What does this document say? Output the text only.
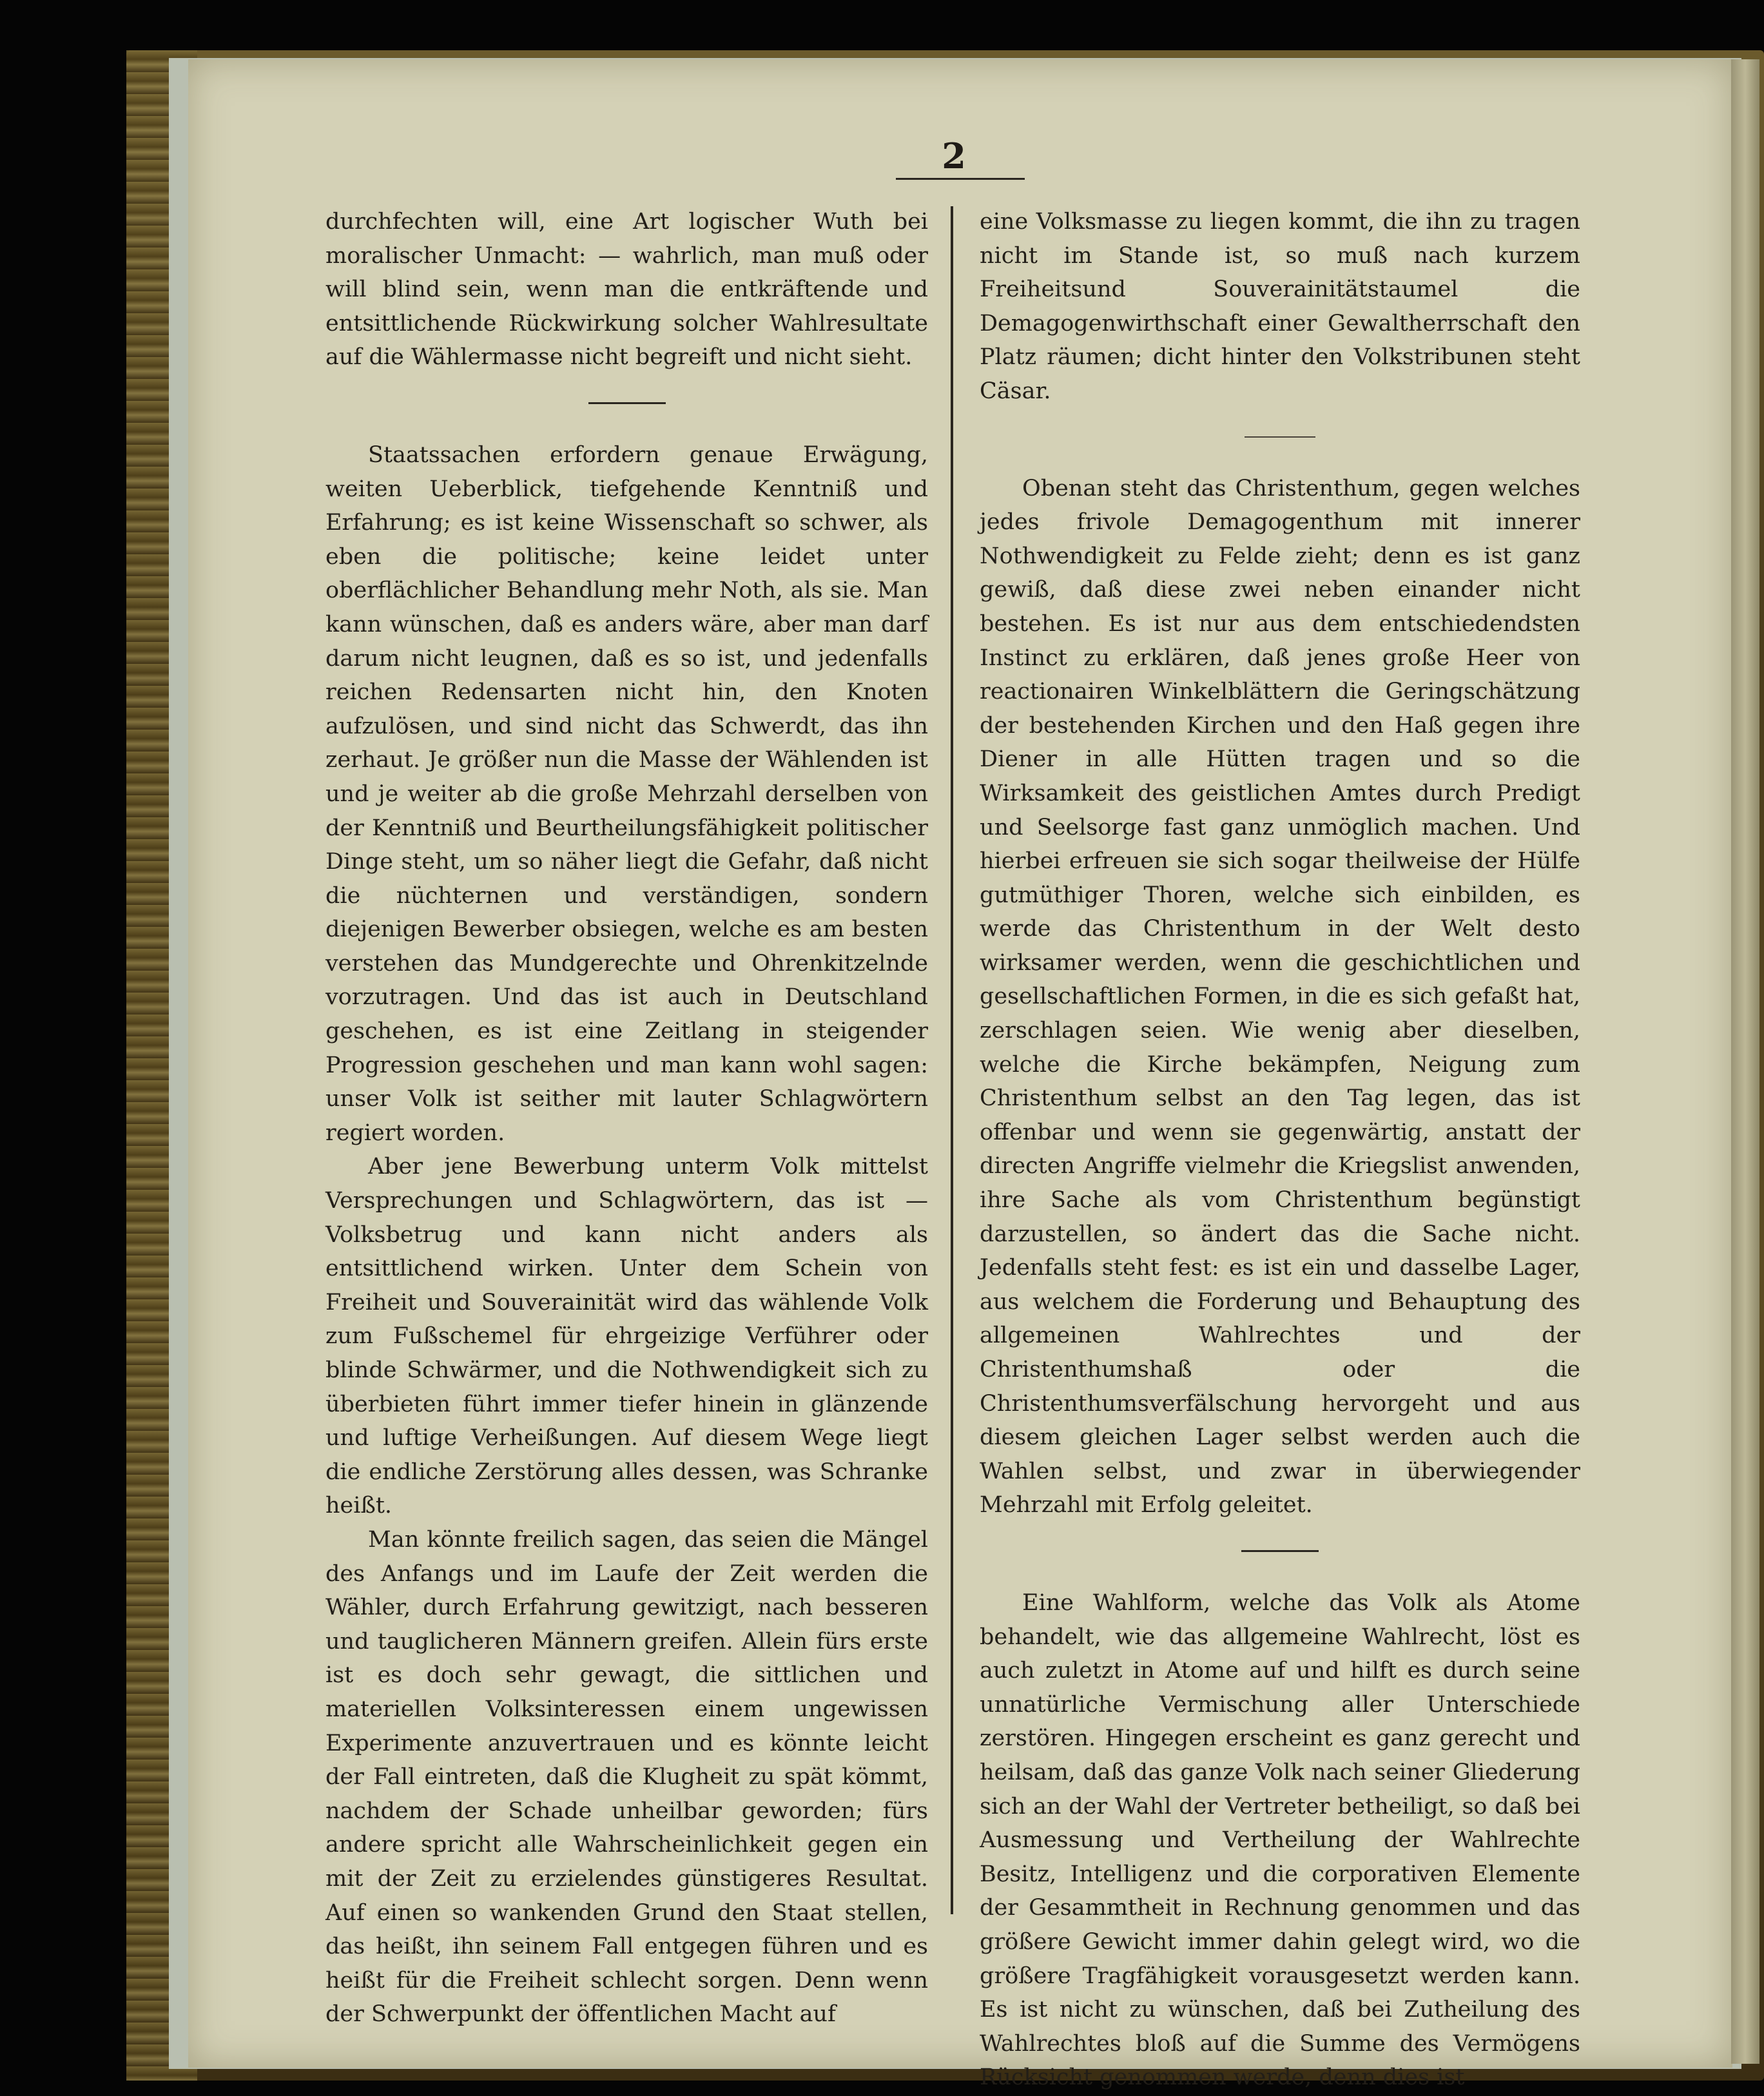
2

durchfechten will, eine Art logischer Wuth bei moralischer Unmacht: — wahrlich, man muß oder will blind sein, wenn man die entkräftende und entsittlichende Rückwirkung solcher Wahlresultate auf die Wählermasse nicht begreift und nicht sieht.

Staatssachen erfordern genaue Erwägung, weiten Ueberblick, tiefgehende Kenntniß und Erfahrung; es ist keine Wissenschaft so schwer, als eben die politische; keine leidet unter oberflächlicher Behandlung mehr Noth, als sie. Man kann wünschen, daß es anders wäre, aber man darf darum nicht leugnen, daß es so ist, und jedenfalls reichen Redensarten nicht hin, den Knoten aufzulösen, und sind nicht das Schwerdt, das ihn zerhaut. Je größer nun die Masse der Wählenden ist und je weiter ab die große Mehrzahl derselben von der Kenntniß und Beurtheilungsfähigkeit politischer Dinge steht, um so näher liegt die Gefahr, daß nicht die nüchternen und verständigen, sondern diejenigen Bewerber obsiegen, welche es am besten verstehen das Mundgerechte und Ohrenkitzelnde vorzutragen. Und das ist auch in Deutschland geschehen, es ist eine Zeitlang in steigender Progression geschehen und man kann wohl sagen: unser Volk ist seither mit lauter Schlagwörtern regiert worden.

Aber jene Bewerbung unterm Volk mittelst Versprechungen und Schlagwörtern, das ist — Volksbetrug und kann nicht anders als entsittlichend wirken. Unter dem Schein von Freiheit und Souverainität wird das wählende Volk zum Fußschemel für ehrgeizige Verführer oder blinde Schwärmer, und die Nothwendigkeit sich zu überbieten führt immer tiefer hinein in glänzende und luftige Verheißungen. Auf diesem Wege liegt die endliche Zerstörung alles dessen, was Schranke heißt.

Man könnte freilich sagen, das seien die Mängel des Anfangs und im Laufe der Zeit werden die Wähler, durch Erfahrung gewitzigt, nach besseren und tauglicheren Männern greifen. Allein fürs erste ist es doch sehr gewagt, die sittlichen und materiellen Volksinteressen einem ungewissen Experimente anzuvertrauen und es könnte leicht der Fall eintreten, daß die Klugheit zu spät kömmt, nachdem der Schade unheilbar geworden; fürs andere spricht alle Wahrscheinlichkeit gegen ein mit der Zeit zu erzielendes günstigeres Resultat. Auf einen so wankenden Grund den Staat stellen, das heißt, ihn seinem Fall entgegen führen und es heißt für die Freiheit schlecht sorgen. Denn wenn der Schwerpunkt der öffentlichen Macht auf

eine Volksmasse zu liegen kommt, die ihn zu tragen nicht im Stande ist, so muß nach kurzem Freiheitsund Souverainitätstaumel die Demagogenwirthschaft einer Gewaltherrschaft den Platz räumen; dicht hinter den Volkstribunen steht Cäsar.

Obenan steht das Christenthum, gegen welches jedes frivole Demagogenthum mit innerer Nothwendigkeit zu Felde zieht; denn es ist ganz gewiß, daß diese zwei neben einander nicht bestehen. Es ist nur aus dem entschiedendsten Instinct zu erklären, daß jenes große Heer von reactionairen Winkelblättern die Geringschätzung der bestehenden Kirchen und den Haß gegen ihre Diener in alle Hütten tragen und so die Wirksamkeit des geistlichen Amtes durch Predigt und Seelsorge fast ganz unmöglich machen. Und hierbei erfreuen sie sich sogar theilweise der Hülfe gutmüthiger Thoren, welche sich einbilden, es werde das Christenthum in der Welt desto wirksamer werden, wenn die geschichtlichen und gesellschaftlichen Formen, in die es sich gefaßt hat, zerschlagen seien. Wie wenig aber dieselben, welche die Kirche bekämpfen, Neigung zum Christenthum selbst an den Tag legen, das ist offenbar und wenn sie gegenwärtig, anstatt der directen Angriffe vielmehr die Kriegslist anwenden, ihre Sache als vom Christenthum begünstigt darzustellen, so ändert das die Sache nicht. Jedenfalls steht fest: es ist ein und dasselbe Lager, aus welchem die Forderung und Behauptung des allgemeinen Wahlrechtes und der Christenthumshaß oder die Christenthumsverfälschung hervorgeht und aus diesem gleichen Lager selbst werden auch die Wahlen selbst, und zwar in überwiegender Mehrzahl mit Erfolg geleitet.

Eine Wahlform, welche das Volk als Atome behandelt, wie das allgemeine Wahlrecht, löst es auch zuletzt in Atome auf und hilft es durch seine unnatürliche Vermischung aller Unterschiede zerstören. Hingegen erscheint es ganz gerecht und heilsam, daß das ganze Volk nach seiner Gliederung sich an der Wahl der Vertreter betheiligt, so daß bei Ausmessung und Vertheilung der Wahlrechte Besitz, Intelligenz und die corporativen Elemente der Gesammtheit in Rechnung genommen und das größere Gewicht immer dahin gelegt wird, wo die größere Tragfähigkeit vorausgesetzt werden kann. Es ist nicht zu wünschen, daß bei Zutheilung des Wahlrechtes bloß auf die Summe des Vermögens Rücksicht genommen werde, denn dies ist
